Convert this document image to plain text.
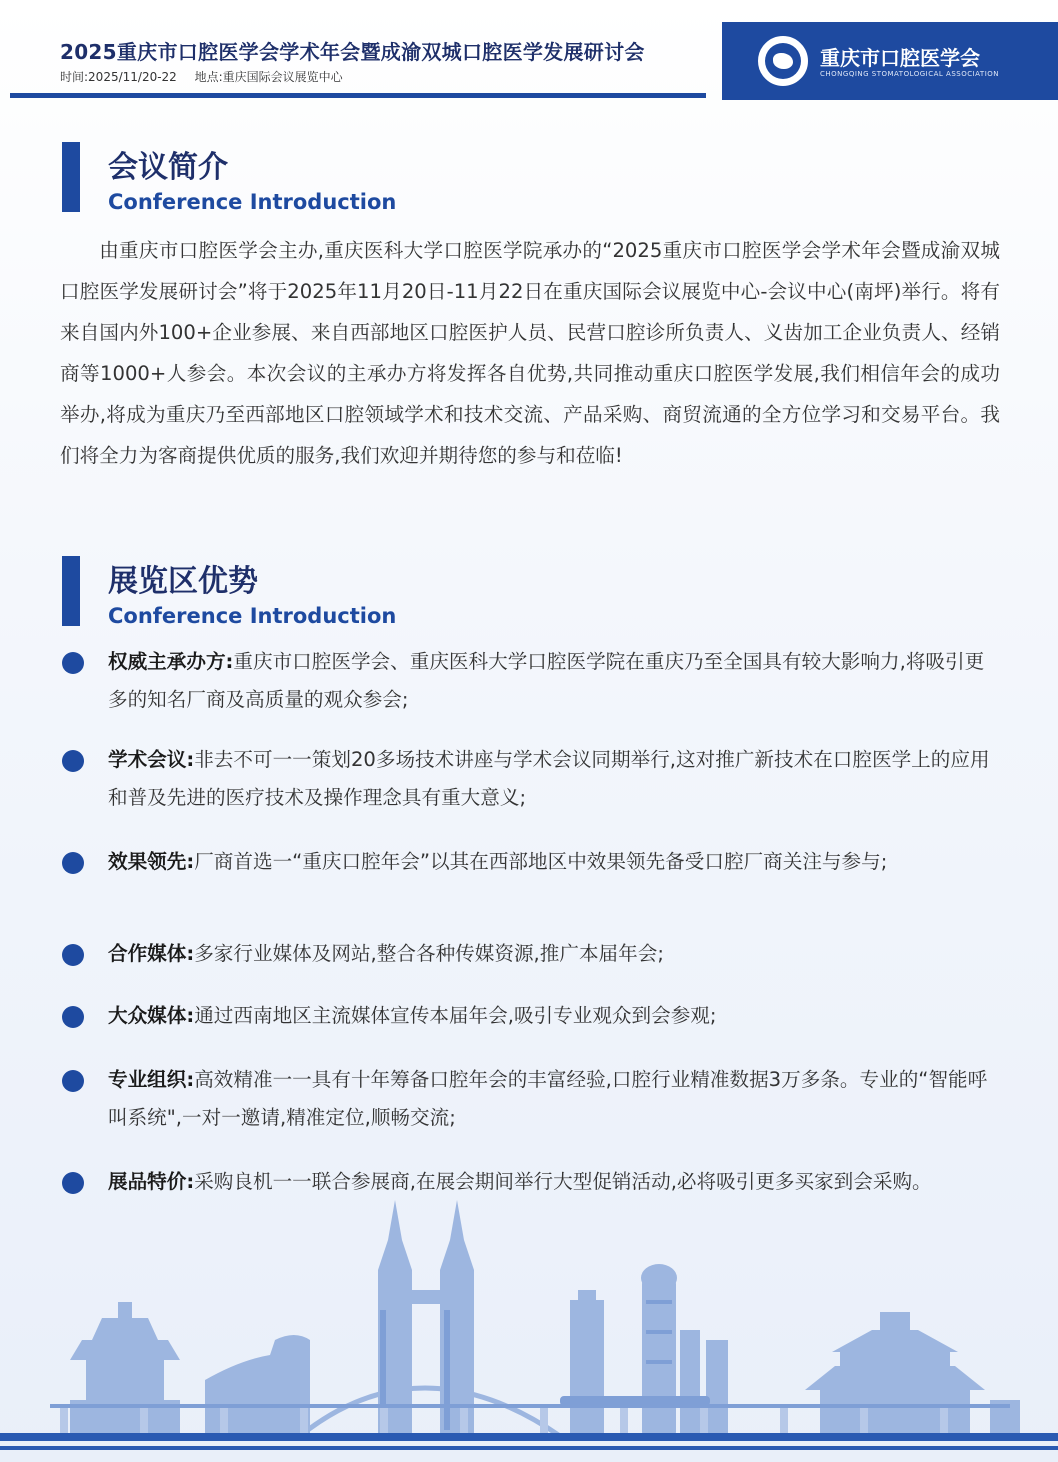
2025重庆市口腔医学会学术年会暨成渝双城口腔医学发展研讨会
时间:2025/11/20-22 地点:重庆国际会议展览中心
重庆市口腔医学会
CHONGQING STOMATOLOGICAL ASSOCIATION
会议简介
Conference Introduction

由重庆市口腔医学会主办,重庆医科大学口腔医学院承办的“2025重庆市口腔医学会学术年会暨成渝双城口腔医学发展研讨会”将于2025年11月20日-11月22日在重庆国际会议展览中心-会议中心(南坪)举行。将有来自国内外100+企业参展、来自西部地区口腔医护人员、民营口腔诊所负责人、义齿加工企业负责人、经销商等1000+人参会。本次会议的主承办方将发挥各自优势,共同推动重庆口腔医学发展,我们相信年会的成功举办,将成为重庆乃至西部地区口腔领域学术和技术交流、产品采购、商贸流通的全方位学习和交易平台。我们将全力为客商提供优质的服务,我们欢迎并期待您的参与和莅临!

展览区优势
Conference Introduction

权威主承办方:重庆市口腔医学会、重庆医科大学口腔医学院在重庆乃至全国具有较大影响力,将吸引更多的知名厂商及高质量的观众参会;

学术会议:非去不可一一策划20多场技术讲座与学术会议同期举行,这对推广新技术在口腔医学上的应用和普及先进的医疗技术及操作理念具有重大意义;

效果领先:厂商首选一“重庆口腔年会”以其在西部地区中效果领先备受口腔厂商关注与参与;

合作媒体:多家行业媒体及网站,整合各种传媒资源,推广本届年会;

大众媒体:通过西南地区主流媒体宣传本届年会,吸引专业观众到会参观;

专业组织:高效精准一一具有十年筹备口腔年会的丰富经验,口腔行业精准数据3万多条。专业的“智能呼叫系统",一对一邀请,精准定位,顺畅交流;

展品特价:采购良机一一联合参展商,在展会期间举行大型促销活动,必将吸引更多买家到会采购。
